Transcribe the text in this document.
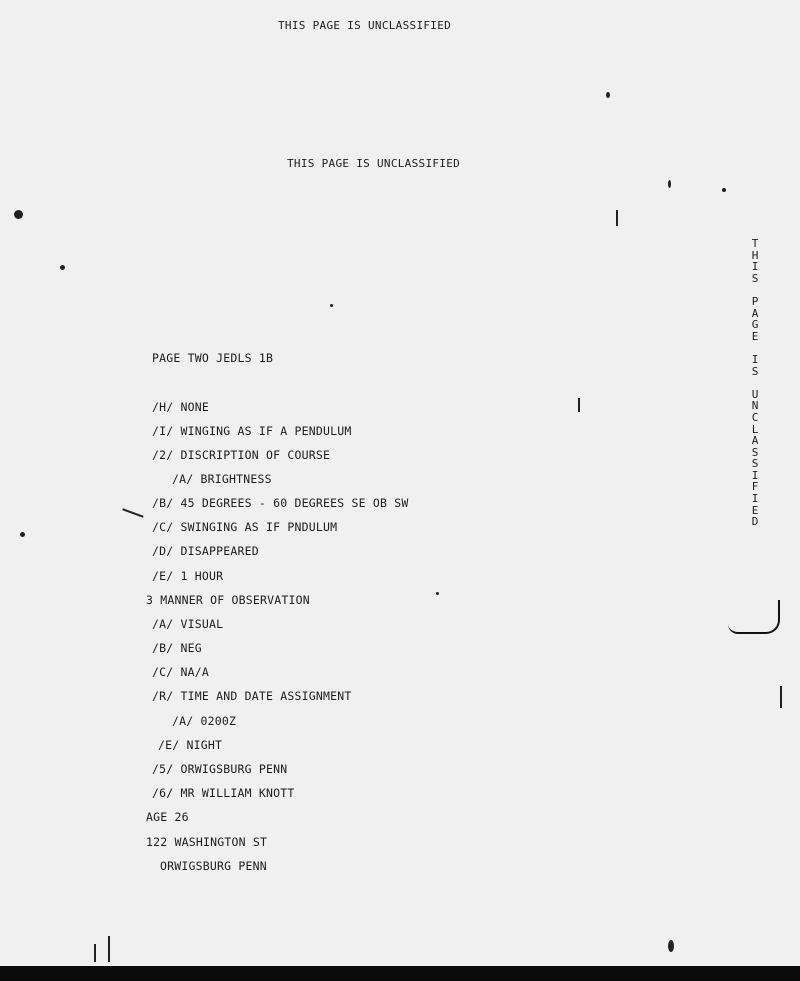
THIS PAGE IS UNCLASSIFIED
THIS PAGE IS UNCLASSIFIED
T
H
I
S

P
A
G
E

I
S

U
N
C
L
A
S
S
I
F
I
E
D
PAGE TWO JEDLS 1B
/H/ NONE
/I/ WINGING AS IF A PENDULUM
/2/ DISCRIPTION OF COURSE
/A/ BRIGHTNESS
/B/ 45 DEGREES - 60 DEGREES SE OB SW
/C/ SWINGING AS IF PNDULUM
/D/ DISAPPEARED
/E/ 1 HOUR
3 MANNER OF OBSERVATION
/A/ VISUAL
/B/ NEG
/C/ NA/A
/R/ TIME AND DATE ASSIGNMENT
/A/ 0200Z
/E/ NIGHT
/5/ ORWIGSBURG PENN
/6/ MR WILLIAM KNOTT
AGE 26
122 WASHINGTON ST
ORWIGSBURG PENN
